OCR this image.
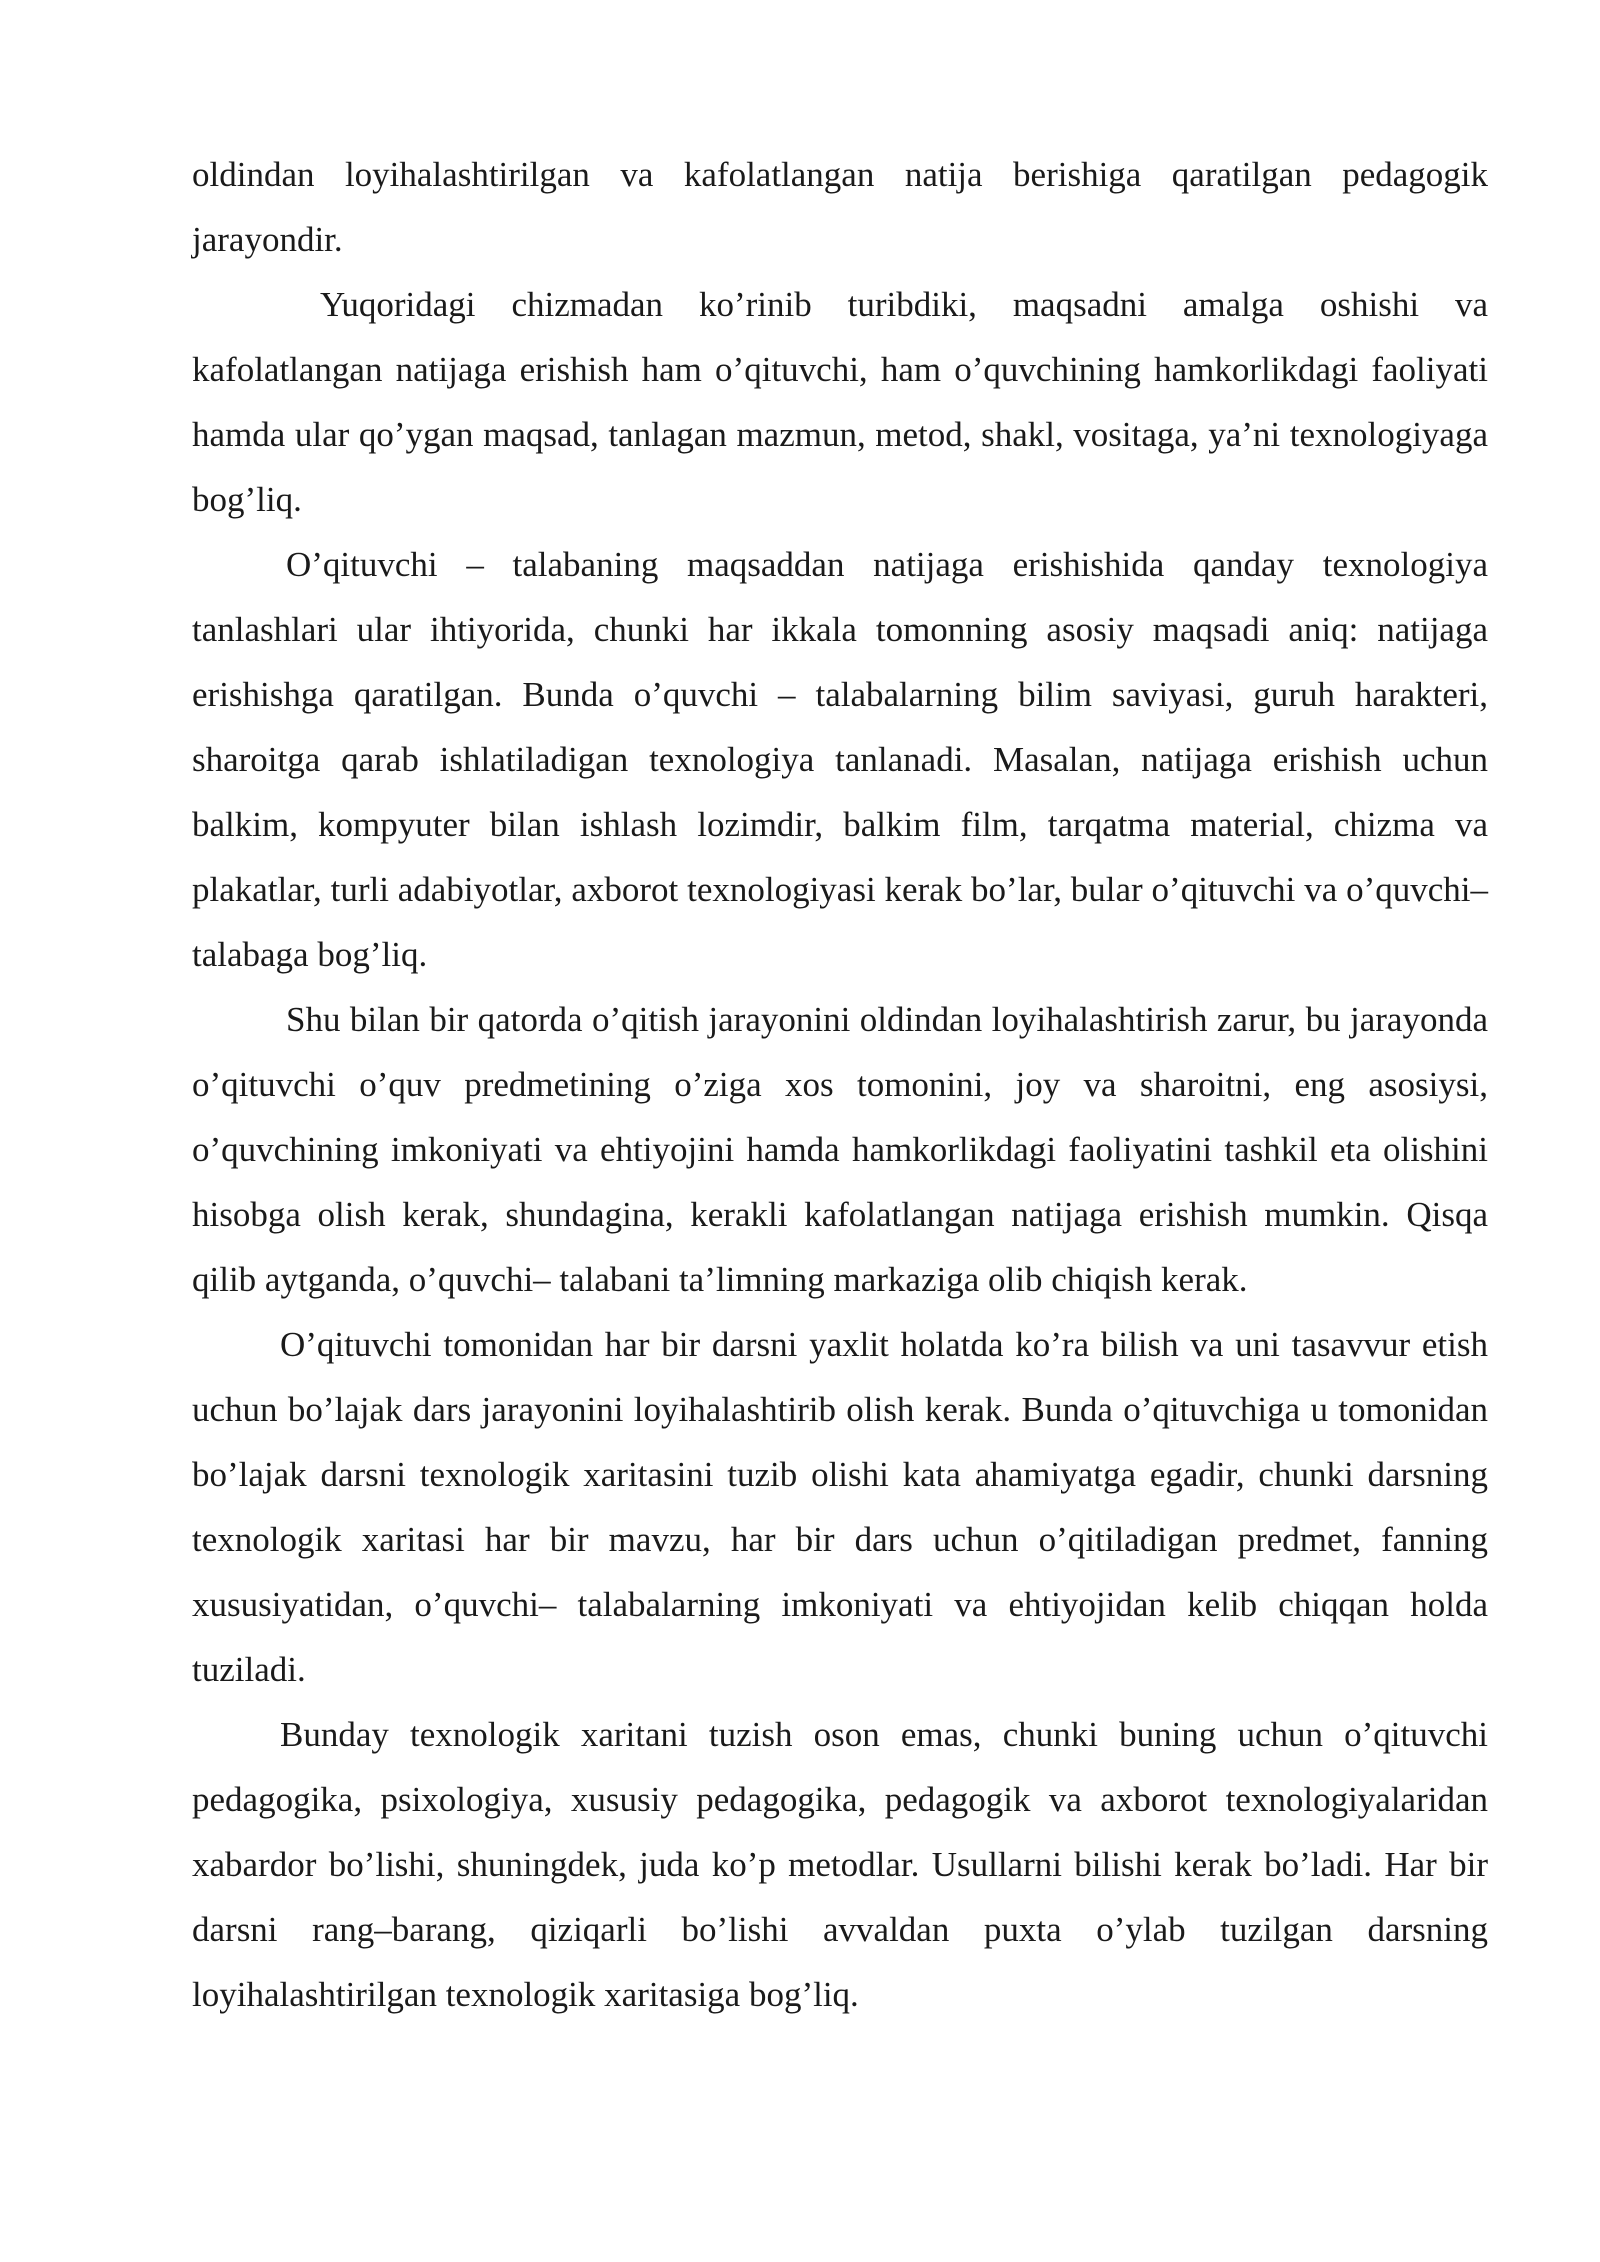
oldindan loyihalashtirilgan va kafolatlangan natija berishiga qaratilgan pedagogik jarayondir.

Yuqoridagi chizmadan ko’rinib turibdiki, maqsadni amalga oshishi va kafolatlangan natijaga erishish ham o’qituvchi, ham o’quvchining hamkorlikdagi faoliyati hamda ular qo’ygan maqsad, tanlagan mazmun, metod, shakl, vositaga, ya’ni texnologiyaga bog’liq.

O’qituvchi – talabaning maqsaddan natijaga erishishida qanday texnologiya tanlashlari ular ihtiyorida, chunki har ikkala tomonning asosiy maqsadi aniq: natijaga erishishga qaratilgan. Bunda o’quvchi – talabalarning bilim saviyasi, guruh harakteri, sharoitga qarab ishlatiladigan texnologiya tanlanadi. Masalan, natijaga erishish uchun balkim, kompyuter bilan ishlash lozimdir, balkim film, tarqatma material, chizma va plakatlar, turli adabiyotlar, axborot texnologiyasi kerak bo’lar, bular o’qituvchi va o’quvchi–talabaga bog’liq.

Shu bilan bir qatorda o’qitish jarayonini oldindan loyihalashtirish zarur, bu jarayonda o’qituvchi o’quv predmetining o’ziga xos tomonini, joy va sharoitni, eng asosiysi, o’quvchining imkoniyati va ehtiyojini hamda hamkorlikdagi faoliyatini tashkil eta olishini hisobga olish kerak, shundagina, kerakli kafolatlangan natijaga erishish mumkin. Qisqa qilib aytganda, o’quvchi– talabani ta’limning markaziga olib chiqish kerak.

O’qituvchi tomonidan har bir darsni yaxlit holatda ko’ra bilish va uni tasavvur etish uchun bo’lajak dars jarayonini loyihalashtirib olish kerak. Bunda o’qituvchiga u tomonidan bo’lajak darsni texnologik xaritasini tuzib olishi kata ahamiyatga egadir, chunki darsning texnologik xaritasi har bir mavzu, har bir dars uchun o’qitiladigan predmet, fanning xususiyatidan, o’quvchi– talabalarning imkoniyati va ehtiyojidan kelib chiqqan holda tuziladi.

Bunday texnologik xaritani tuzish oson emas, chunki buning uchun o’qituvchi pedagogika, psixologiya, xususiy pedagogika, pedagogik va axborot texnologiyalaridan xabardor bo’lishi, shuningdek, juda ko’p metodlar. Usullarni bilishi kerak bo’ladi. Har bir darsni rang–barang, qiziqarli bo’lishi avvaldan puxta o’ylab tuzilgan darsning loyihalashtirilgan texnologik xaritasiga bog’liq.
